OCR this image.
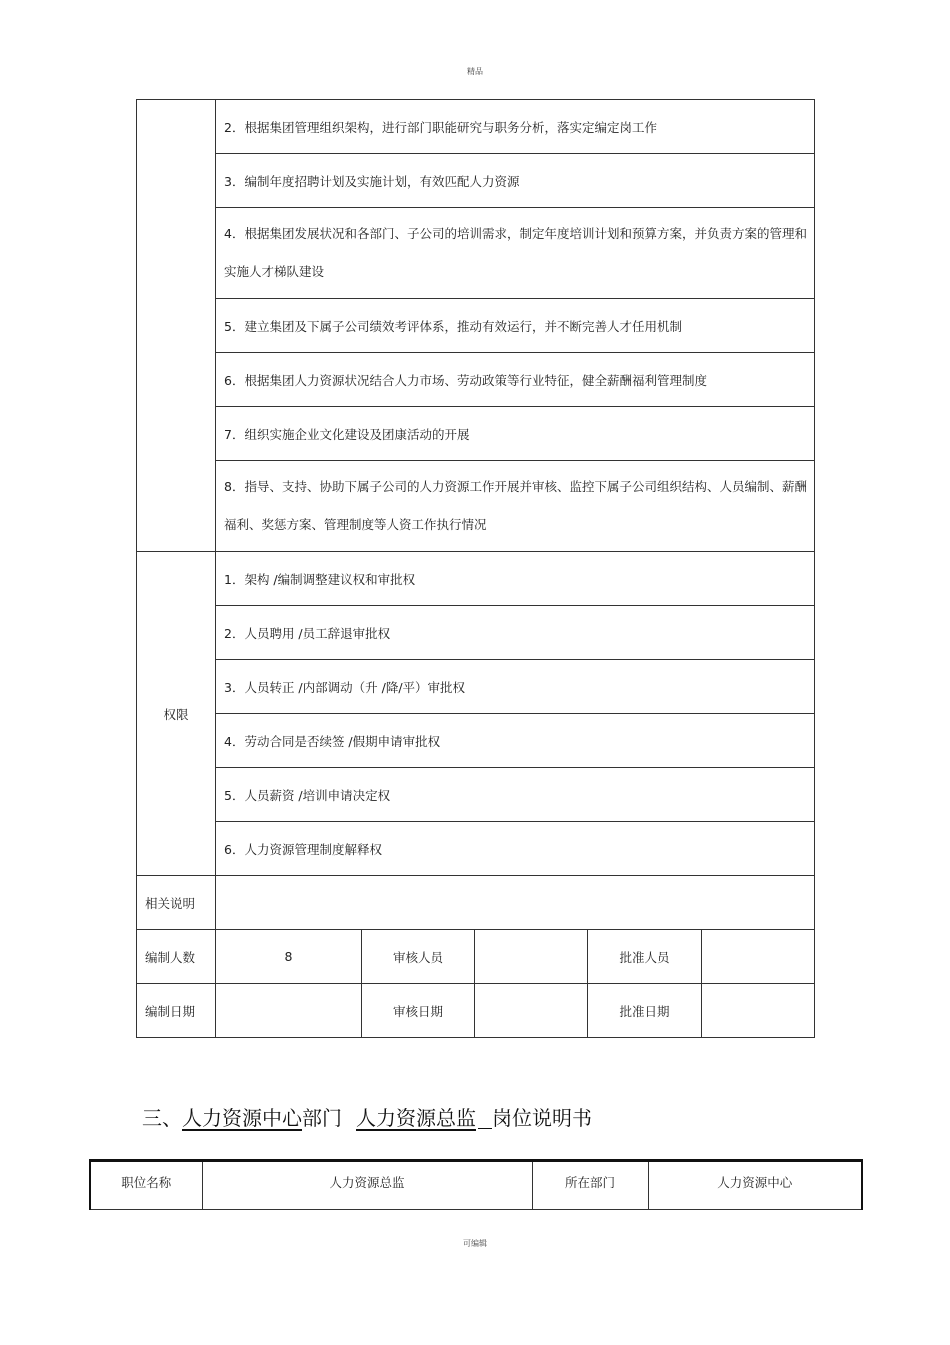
精品
	2．根据集团管理组织架构，进行部门职能研究与职务分析，落实定编定岗工作				
	3．编制年度招聘计划及实施计划，有效匹配人力资源				
	4．根据集团发展状况和各部门、子公司的培训需求，制定年度培训计划和预算方案，并负责方案的管理和实施人才梯队建设				
	5．建立集团及下属子公司绩效考评体系，推动有效运行，并不断完善人才任用机制				
	6．根据集团人力资源状况结合人力市场、劳动政策等行业特征，健全薪酬福利管理制度				
	7．组织实施企业文化建设及团康活动的开展				
	8．指导、支持、协助下属子公司的人力资源工作开展并审核、监控下属子公司组织结构、人员编制、薪酬福利、奖惩方案、管理制度等人资工作执行情况				
权限	1．架构 /编制调整建议权和审批权				
	2．人员聘用 /员工辞退审批权				
	3．人员转正 /内部调动（升 /降/平）审批权				
	4．劳动合同是否续签 /假期申请审批权				
	5．人员薪资 /培训申请决定权				
	6．人力资源管理制度解释权				
相关说明					
编制人数	8	审核人员		批准人员	
编制日期		审核日期		批准日期	
三、人力资源中心部门 人力资源总监 岗位说明书
职位名称	人力资源总监	所在部门	人力资源中心
可编辑
